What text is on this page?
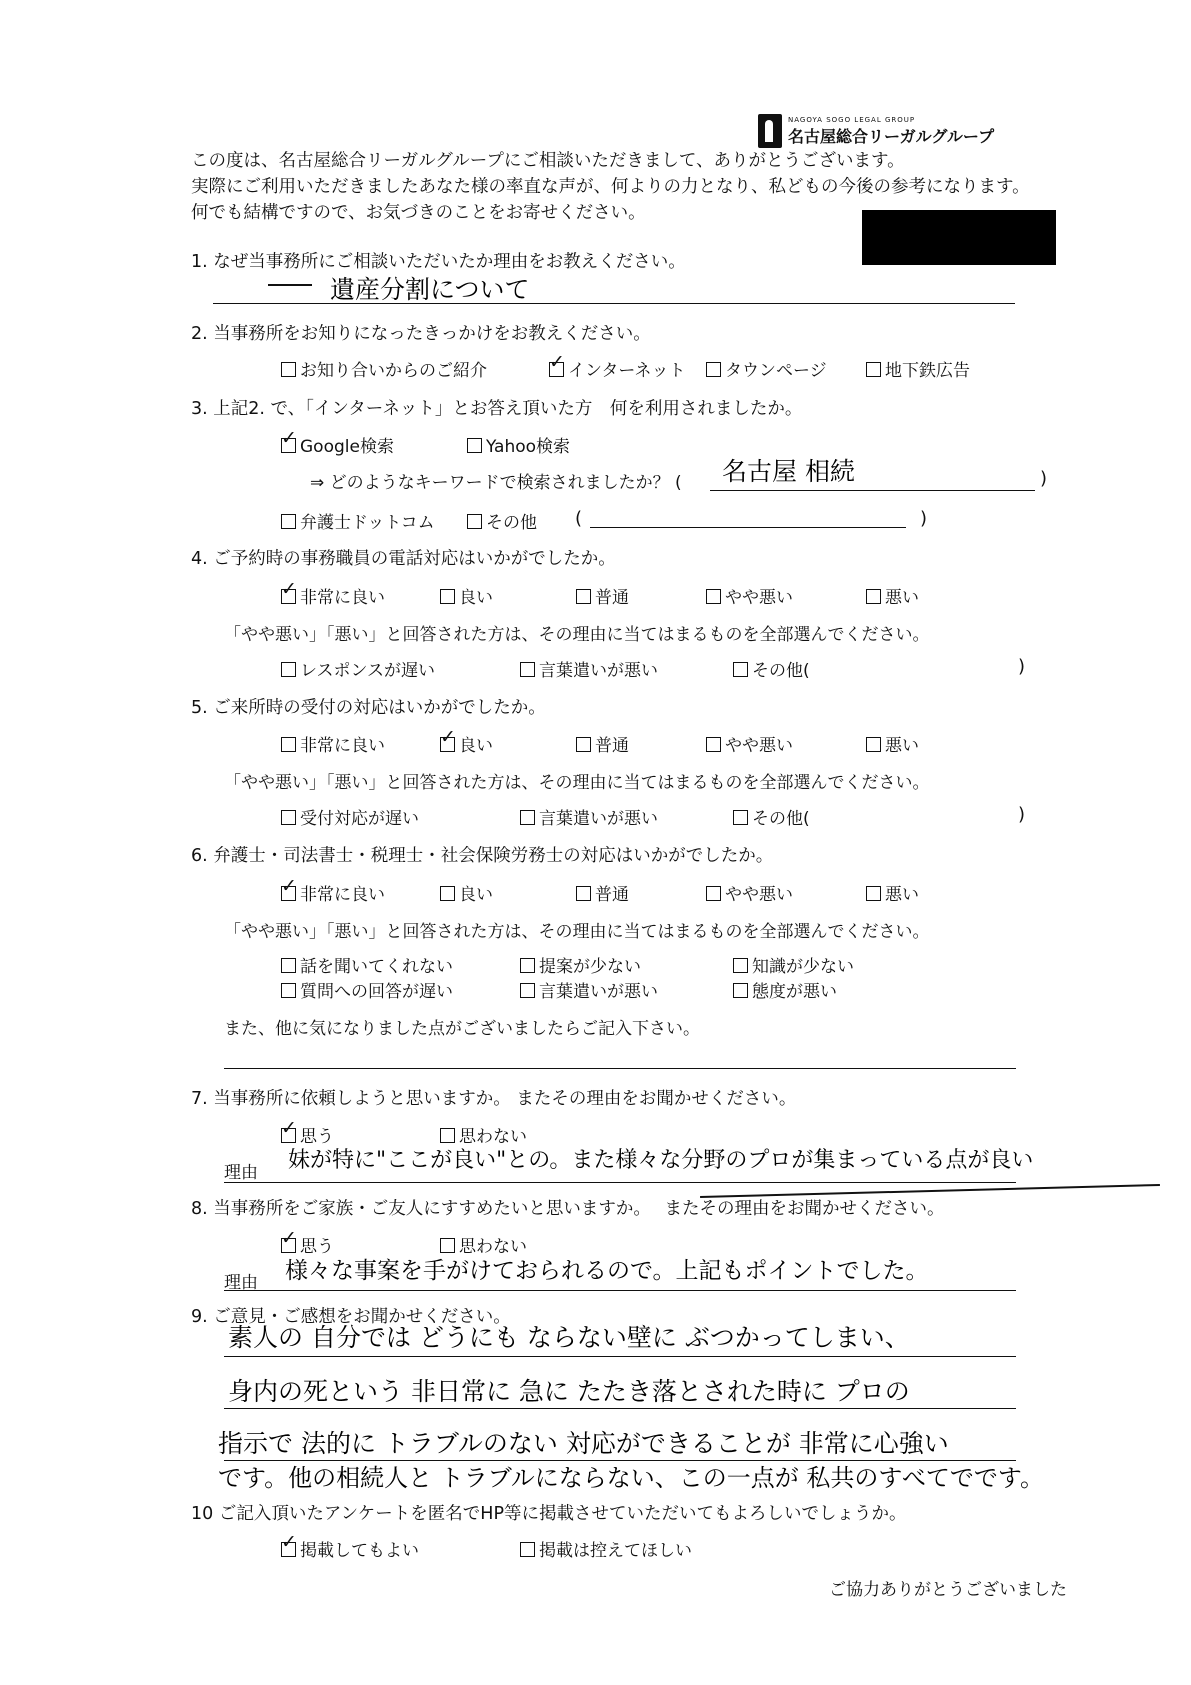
NAGOYA SOGO LEGAL GROUP
名古屋総合リーガルグループ
この度は、名古屋総合リーガルグループにご相談いただきまして、ありがとうございます。
実際にご利用いただきましたあなた様の率直な声が、何よりの力となり、私どもの今後の参考になります。
何でも結構ですので、お気づきのことをお寄せください。
1. なぜ当事務所にご相談いただいたか理由をお教えください。
遺産分割について
2. 当事務所をお知りになったきっかけをお教えください。
お知り合いからのご紹介 ✓	インターネット	タウンページ	地下鉄広告
3. 上記2. で、「インターネット」とお答え頂いた方　何を利用されましたか。
✓Google検索	Yahoo検索
⇒ どのようなキーワードで検索されましたか？ ( 名古屋 相続	)
弁護士ドットコム	その他 (	)
4. ご予約時の事務職員の電話対応はいかがでしたか。
✓非常に良い	良い	普通	やや悪い	悪い
「やや悪い」「悪い」と回答された方は、その理由に当てはまるものを全部選んでください。
レスポンスが遅い	言葉遣いが悪い	その他(	)
5. ご来所時の受付の対応はいかがでしたか。
非常に良い ✓	良い	普通	やや悪い	悪い
「やや悪い」「悪い」と回答された方は、その理由に当てはまるものを全部選んでください。
受付対応が遅い	言葉遣いが悪い	その他(	)
6. 弁護士・司法書士・税理士・社会保険労務士の対応はいかがでしたか。
✓非常に良い	良い	普通	やや悪い	悪い
「やや悪い」「悪い」と回答された方は、その理由に当てはまるものを全部選んでください。
話を聞いてくれない	提案が少ない	知識が少ない
質問への回答が遅い	言葉遣いが悪い	態度が悪い
また、他に気になりました点がございましたらご記入下さい。
7. 当事務所に依頼しようと思いますか。 またその理由をお聞かせください。
✓思う	思わない
理由 妹が特に"ここが良い"との。また様々な分野のプロが集まっている点が良い
8. 当事務所をご家族・ご友人にすすめたいと思いますか。 またその理由をお聞かせください。
✓思う	思わない
理由 様々な事案を手がけておられるので。上記もポイントでした。
9. ご意見・ご感想をお聞かせください。
素人の 自分では どうにも ならない壁に ぶつかってしまい、
身内の死という 非日常に 急に たたき落とされた時に プロの
指示で 法的に トラブルのない 対応ができることが 非常に心強い
です。他の相続人と トラブルにならない、この一点が 私共のすべてでです。
10 ご記入頂いたアンケートを匿名でHP等に掲載させていただいてもよろしいでしょうか。
✓掲載してもよい	掲載は控えてほしい
ご協力ありがとうございました
